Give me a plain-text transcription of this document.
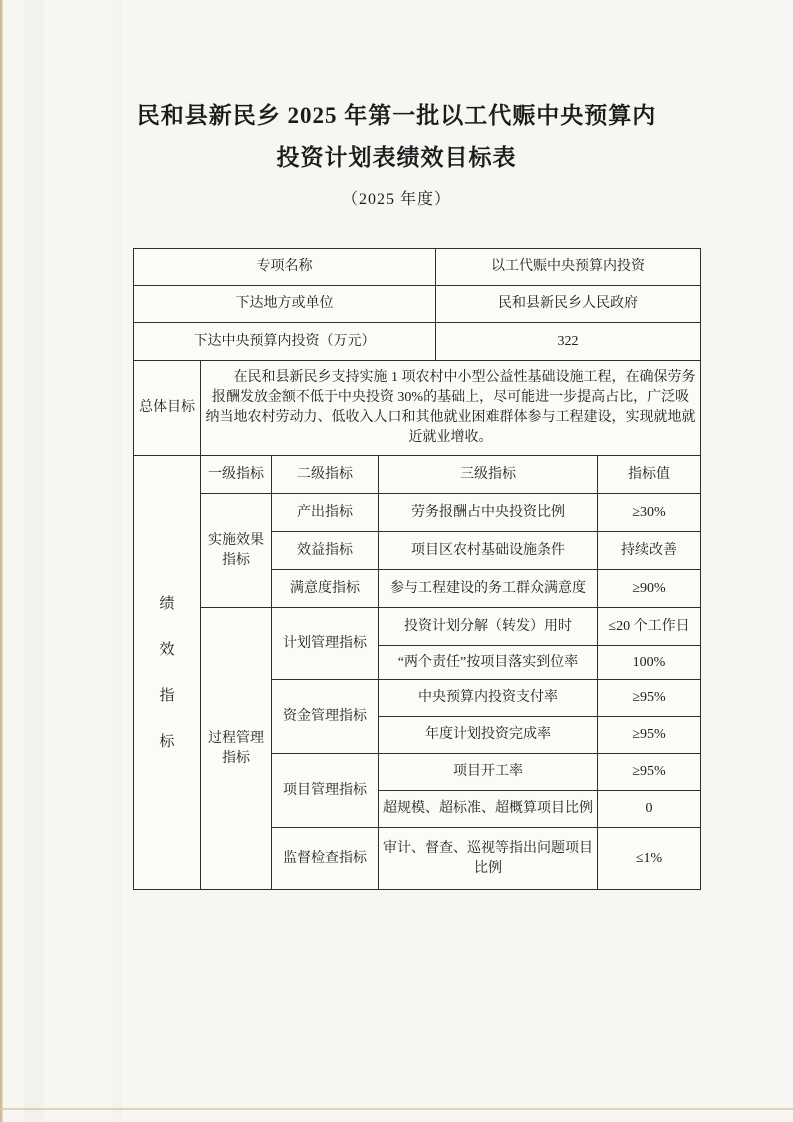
民和县新民乡 2025 年第一批以工代赈中央预算内
投资计划表绩效目标表
（2025 年度）
专项名称				以工代赈中央预算内投资	
下达地方或单位				民和县新民乡人民政府	
下达中央预算内投资（万元）				322	
总体目标	在民和县新民乡支持实施 1 项农村中小型公益性基础设施工程，在确保劳务报酬发放金额不低于中央投资 30%的基础上，尽可能进一步提高占比，广泛吸纳当地农村劳动力、低收入人口和其他就业困难群体参与工程建设，实现就地就近就业增收。				

绩
效
指
标	一级指标	二级指标	三级指标		指标值
	实施效果指标	产出指标	劳务报酬占中央投资比例		≥30%
		效益指标	项目区农村基础设施条件		持续改善
		满意度指标	参与工程建设的务工群众满意度		≥90%
	过程管理指标	计划管理指标	投资计划分解（转发）用时		≤20 个工作日
			“两个责任”按项目落实到位率		100%
		资金管理指标	中央预算内投资支付率		≥95%
			年度计划投资完成率		≥95%
		项目管理指标	项目开工率		≥95%
			超规模、超标准、超概算项目比例		0
		监督检查指标	审计、督查、巡视等指出问题项目比例		≤1%
